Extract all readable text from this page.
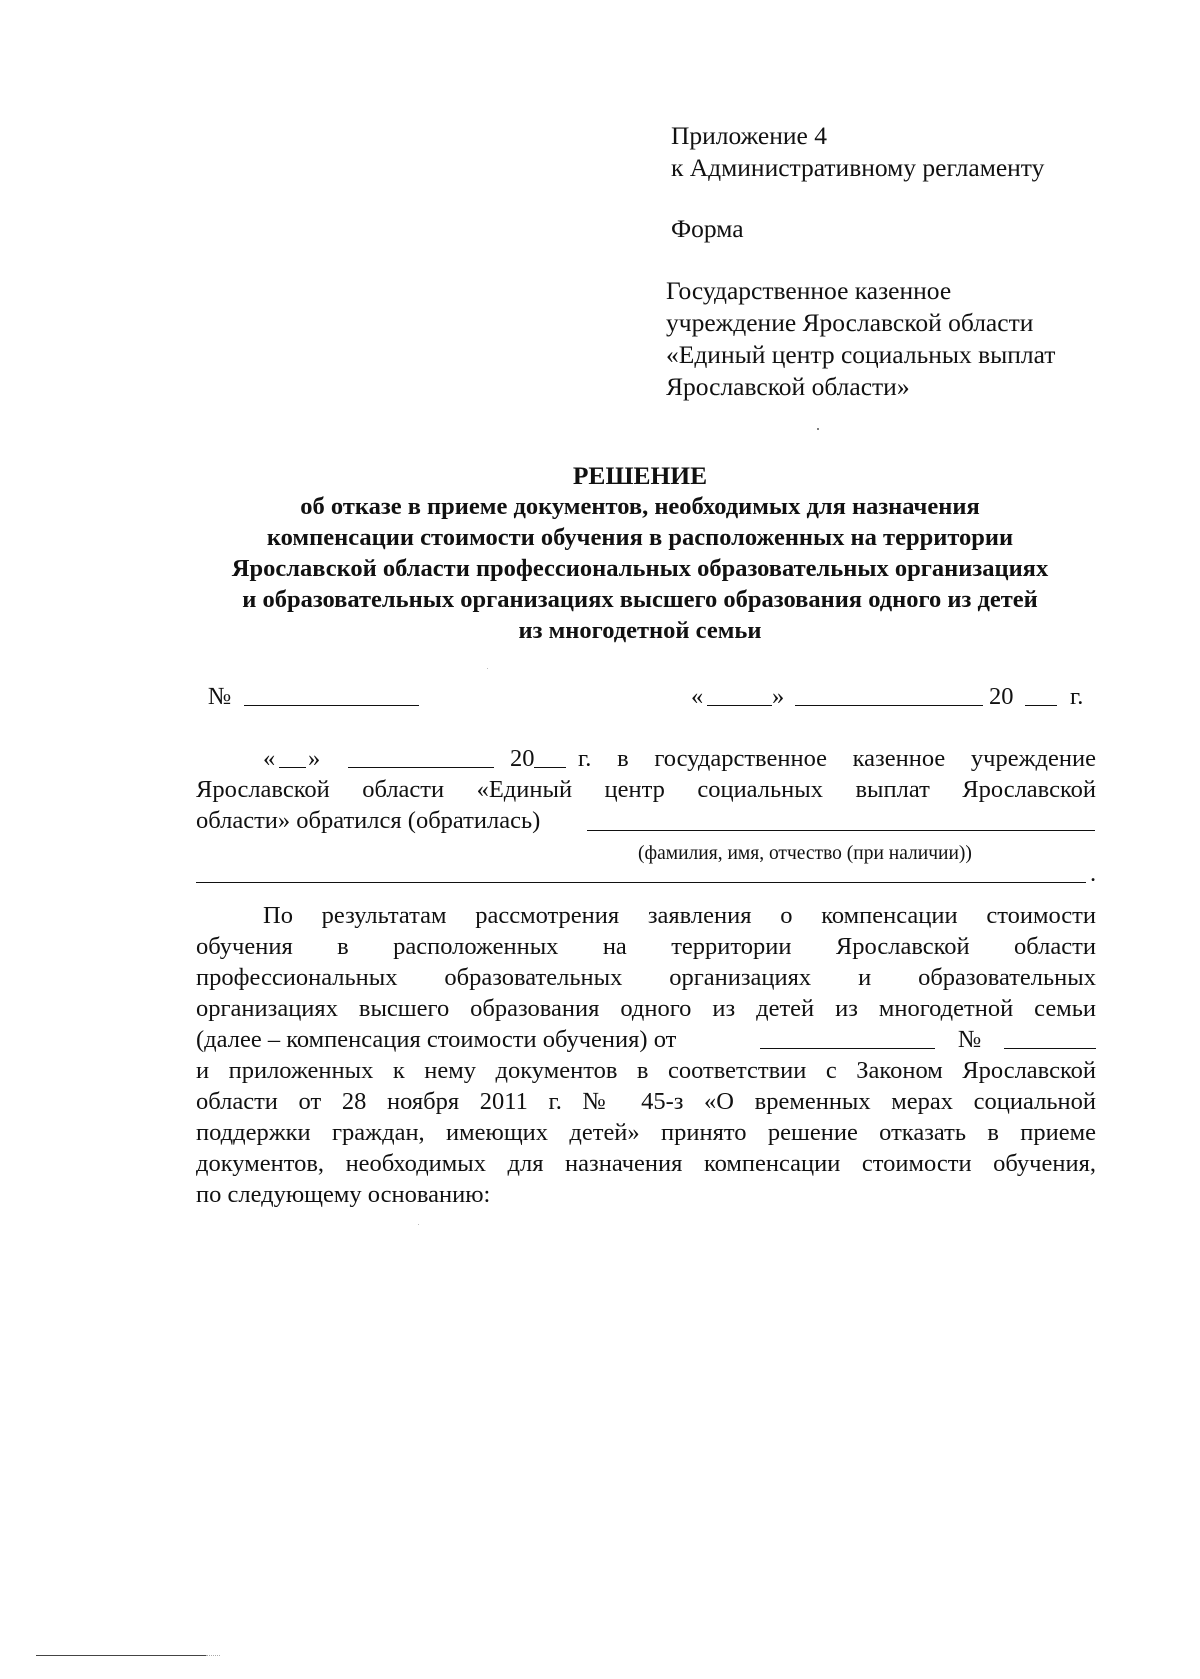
Приложение 4
к Административному регламенту
Форма
Государственное казенное
учреждение Ярославской области
«Единый центр социальных выплат
Ярославской области»
РЕШЕНИЕ
об отказе в приеме документов, необходимых для назначения
компенсации стоимости обучения в расположенных на территории
Ярославской области профессиональных образовательных организациях
и образовательных организациях высшего образования одного из детей
из многодетной семьи
№	«	»	20 г.
« »	20 г. в государственное казенное учреждение
Ярославской области «Единый центр социальных выплат Ярославской
области» обратился (обратилась)
(фамилия, имя, отчество (при наличии))
.
По результатам рассмотрения заявления о компенсации стоимости
обучения в расположенных на территории Ярославской области
профессиональных образовательных организациях и образовательных
организациях высшего образования одного из детей из многодетной семьи
(далее – компенсация стоимости обучения) от	№
и приложенных к нему документов в соответствии с Законом Ярославской
области от 28 ноября 2011 г. № 45-з «О временных мерах социальной
поддержки граждан, имеющих детей» принято решение отказать в приеме
документов, необходимых для назначения компенсации стоимости обучения,
по следующему основанию:
